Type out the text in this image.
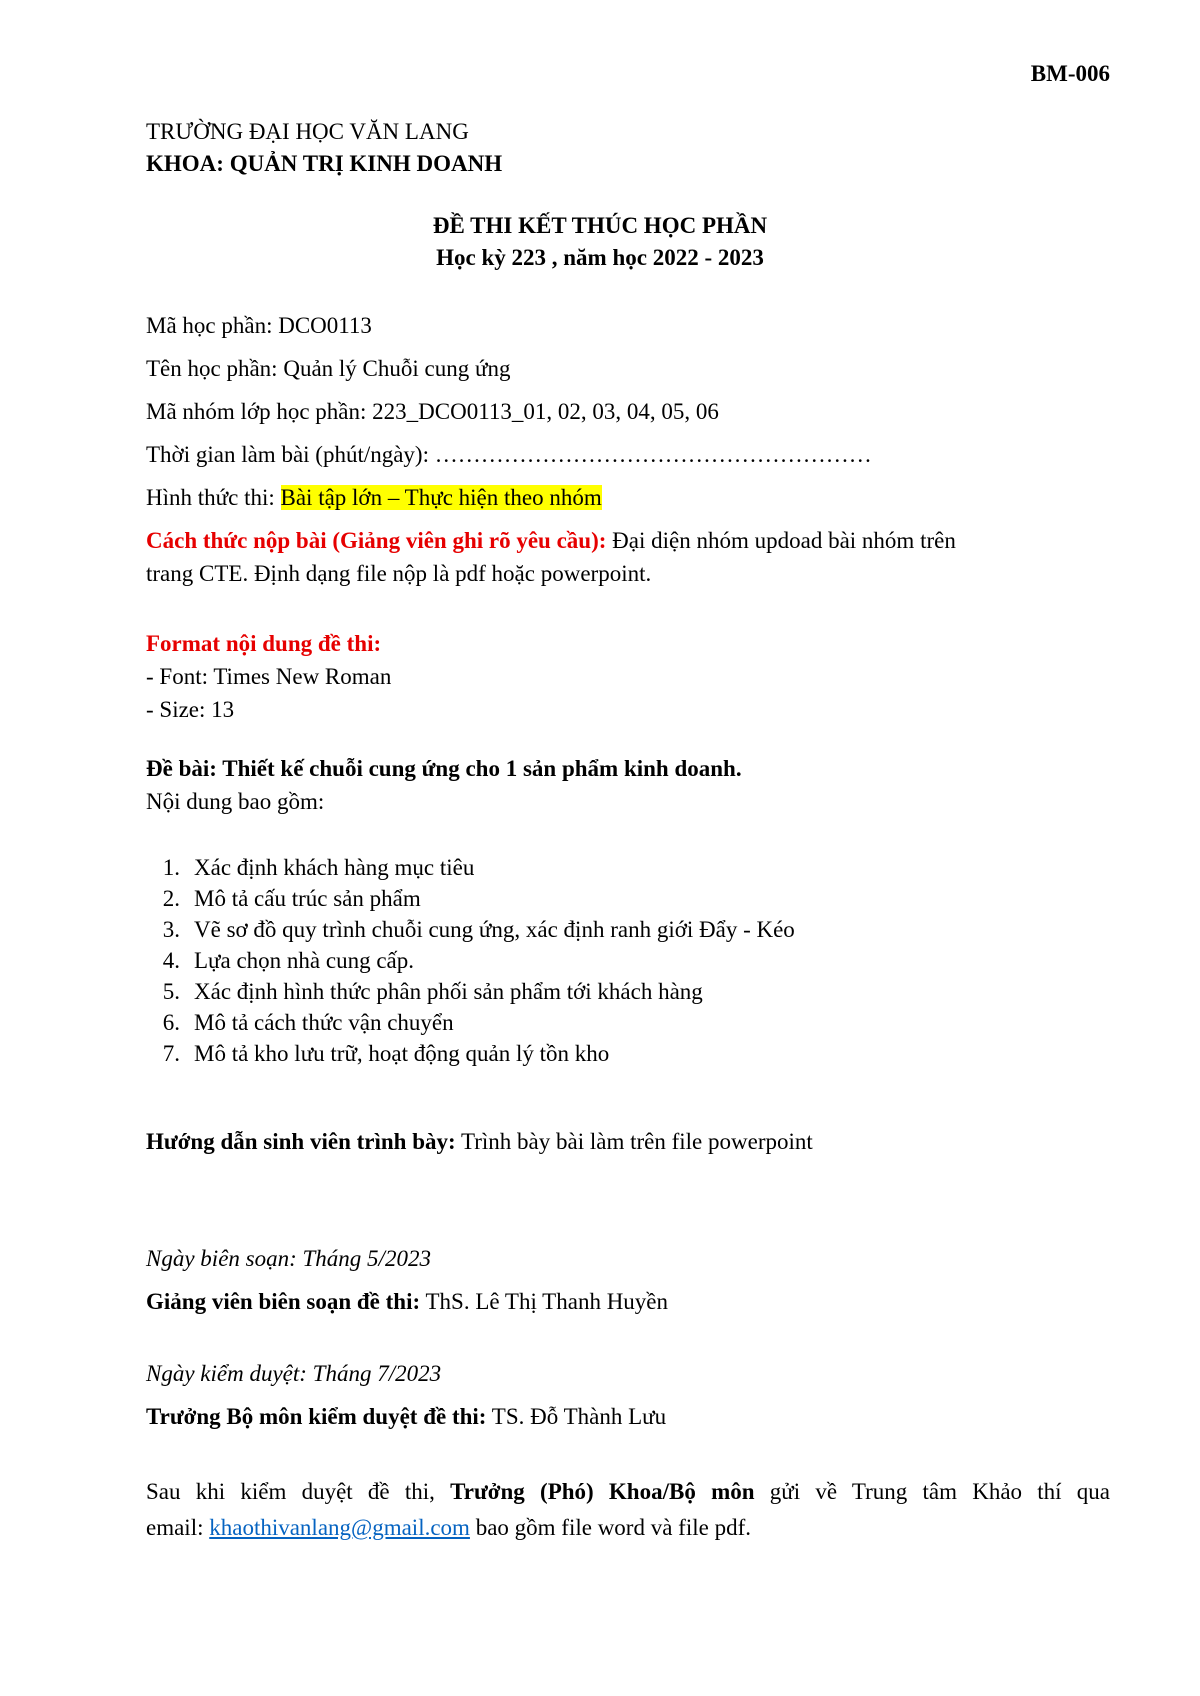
BM-006
TRƯỜNG ĐẠI HỌC VĂN LANG
KHOA: QUẢN TRỊ KINH DOANH
ĐỀ THI KẾT THÚC HỌC PHẦN
Học kỳ 223 , năm học 2022 - 2023
Mã học phần: DCO0113
Tên học phần: Quản lý Chuỗi cung ứng
Mã nhóm lớp học phần: 223_DCO0113_01, 02, 03, 04, 05, 06
Thời gian làm bài (phút/ngày): …………………………………………………
Hình thức thi: Bài tập lớn – Thực hiện theo nhóm
Cách thức nộp bài (Giảng viên ghi rõ yêu cầu): Đại diện nhóm updoad bài nhóm trên
trang CTE. Định dạng file nộp là pdf hoặc powerpoint.
Format nội dung đề thi:
- Font: Times New Roman
- Size: 13
Đề bài: Thiết kế chuỗi cung ứng cho 1 sản phẩm kinh doanh.
Nội dung bao gồm:
1. Xác định khách hàng mục tiêu
2. Mô tả cấu trúc sản phẩm
3. Vẽ sơ đồ quy trình chuỗi cung ứng, xác định ranh giới Đẩy - Kéo
4. Lựa chọn nhà cung cấp.
5. Xác định hình thức phân phối sản phẩm tới khách hàng
6. Mô tả cách thức vận chuyển
7. Mô tả kho lưu trữ, hoạt động quản lý tồn kho
Hướng dẫn sinh viên trình bày: Trình bày bài làm trên file powerpoint
Ngày biên soạn: Tháng 5/2023
Giảng viên biên soạn đề thi: ThS. Lê Thị Thanh Huyền
Ngày kiểm duyệt: Tháng 7/2023
Trưởng Bộ môn kiểm duyệt đề thi: TS. Đỗ Thành Lưu
Sau khi kiểm duyệt đề thi, Trưởng (Phó) Khoa/Bộ môn gửi về Trung tâm Khảo thí qua
email: khaothivanlang@gmail.com bao gồm file word và file pdf.
